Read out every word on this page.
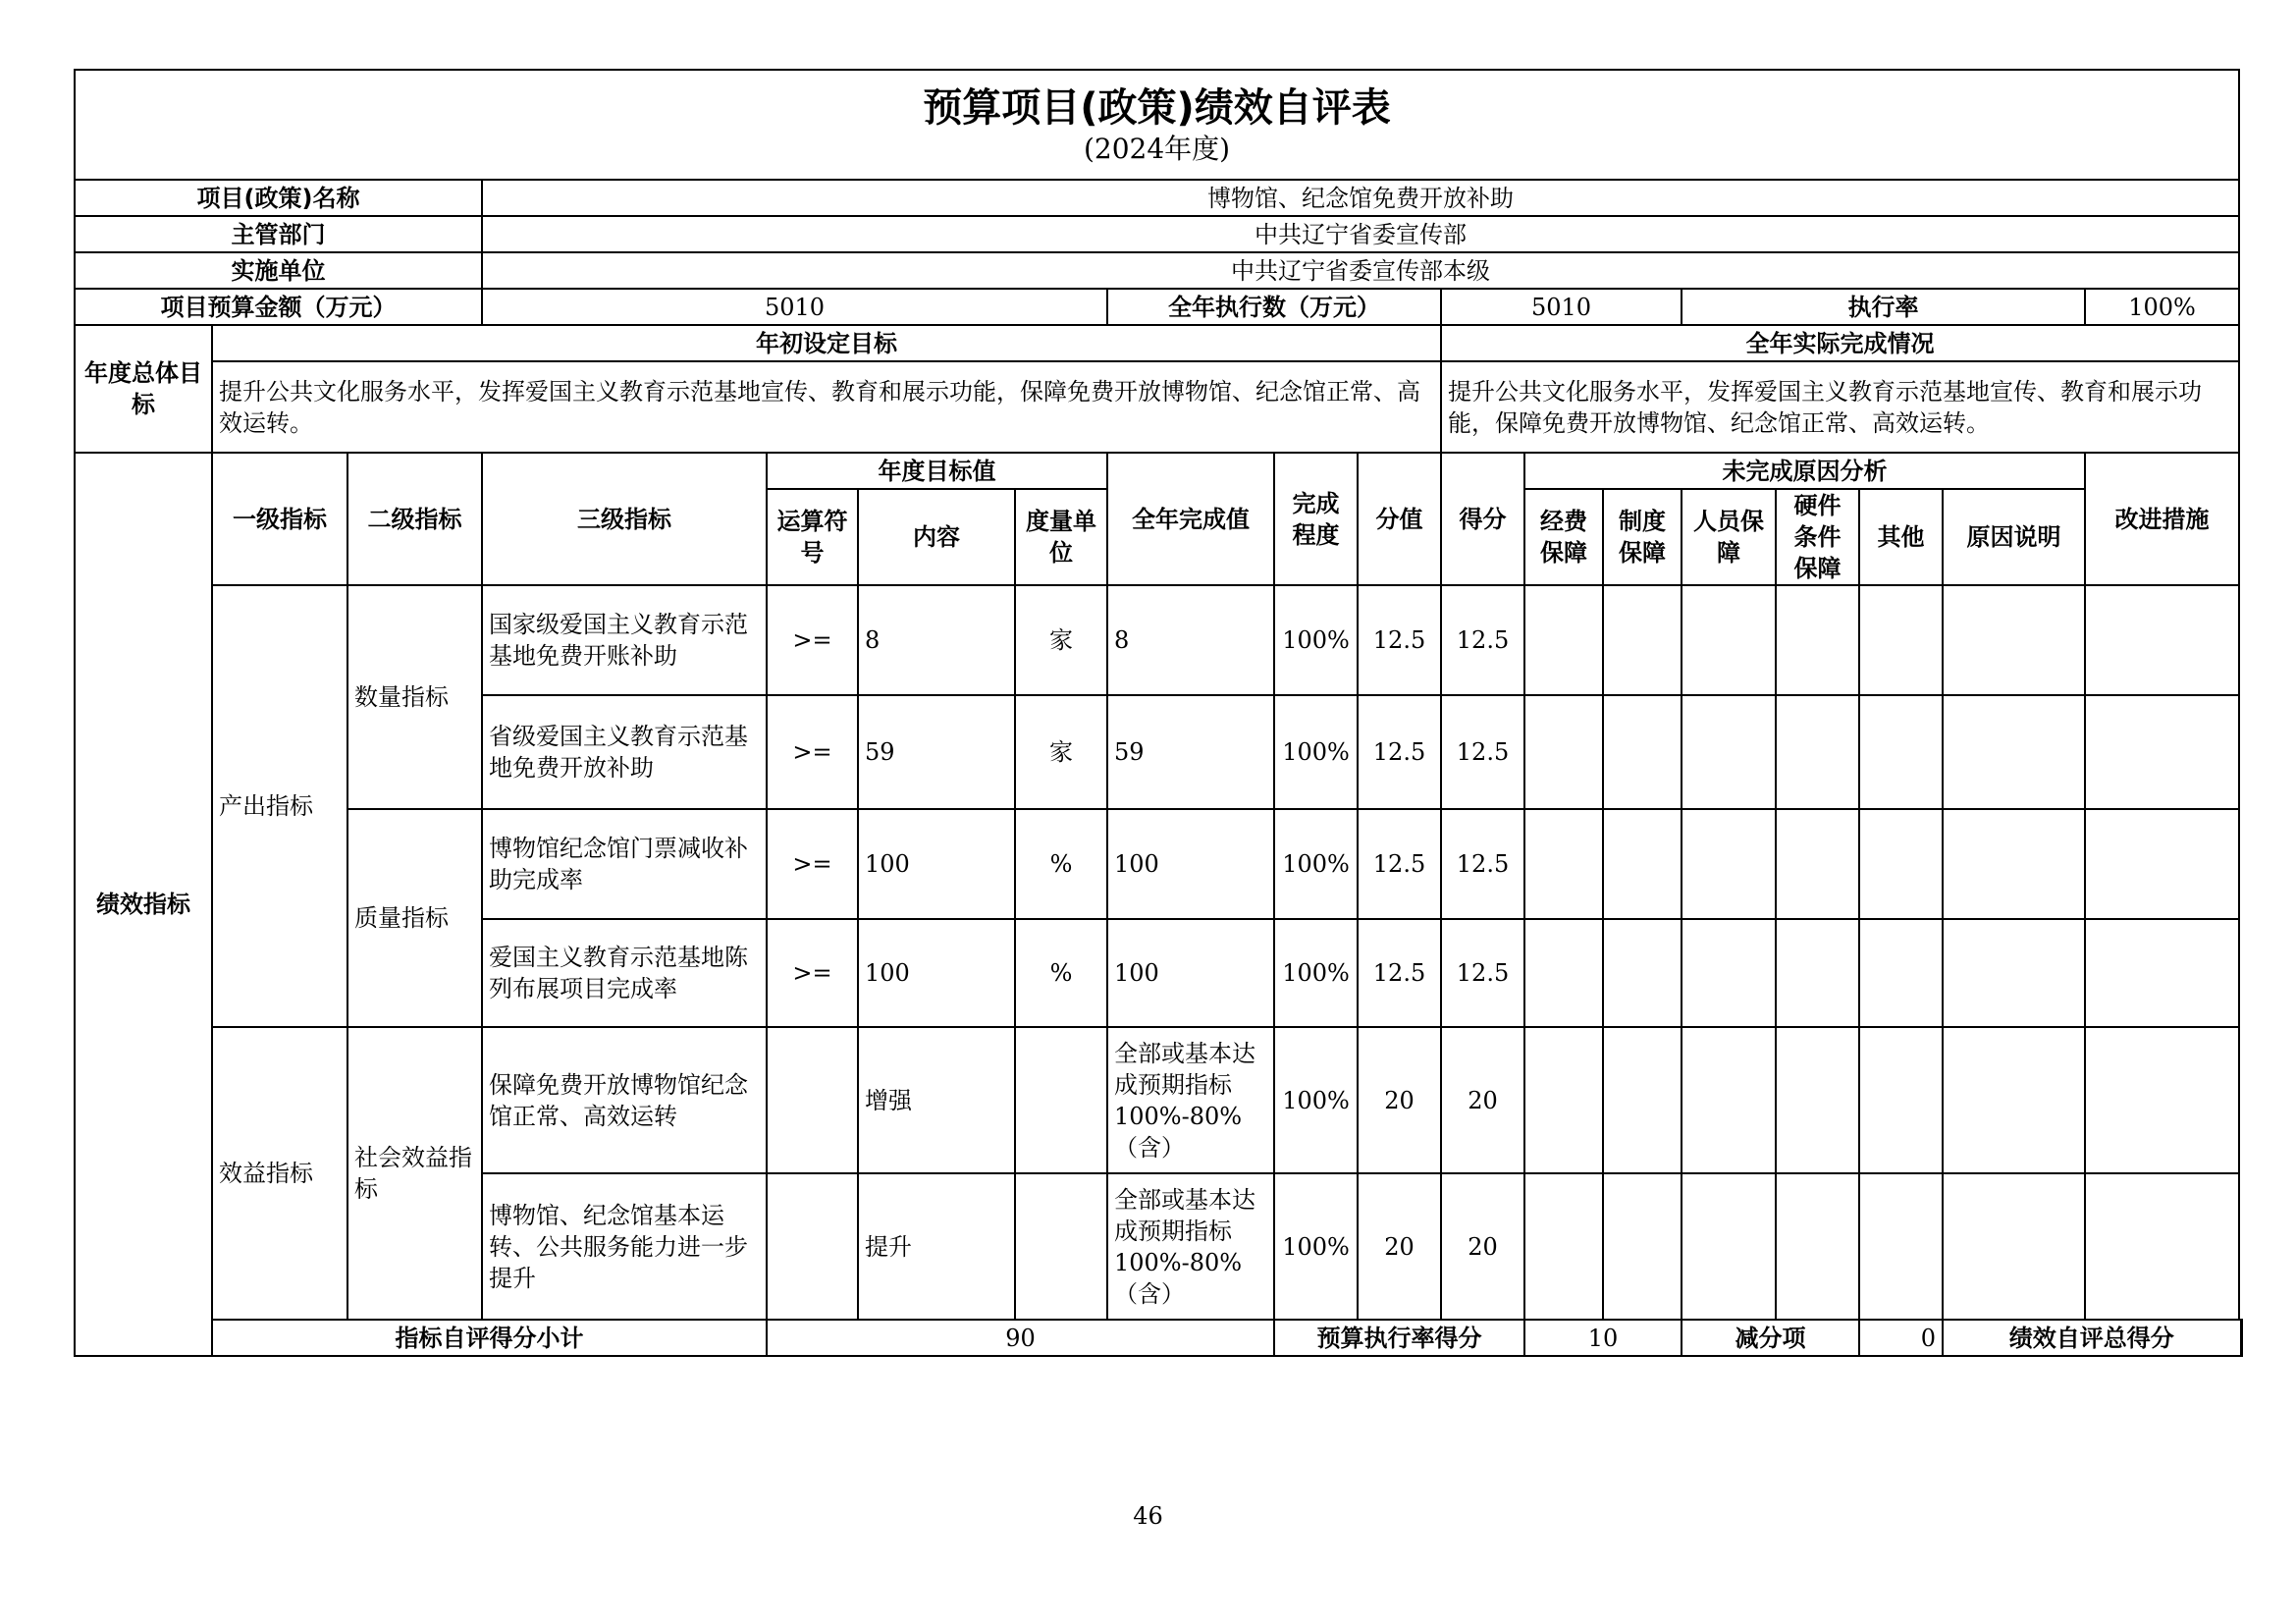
预算项目(政策)绩效自评表
(2024年度)																		

项目(政策)名称			博物馆、纪念馆免费开放补助															
主管部门			中共辽宁省委宣传部															
实施单位			中共辽宁省委宣传部本级															
项目预算金额（万元）			5010				全年执行数（万元）			5010			执行率				100%	
年度总体目标	年初设定目标									全年实际完成情况								
	提升公共文化服务水平，发挥爱国主义教育示范基地宣传、教育和展示功能，保障免费开放博物馆、纪念馆正常、高效运转。									提升公共文化服务水平，发挥爱国主义教育示范基地宣传、教育和展示功能，保障免费开放博物馆、纪念馆正常、高效运转。								
绩效指标	一级指标	二级指标	三级指标	年度目标值			全年完成值	完成程度	分值	得分	未完成原因分析						改进措施	
				运算符号	内容	度量单位					经费保障	制度保障	人员保障	硬件条件保障	其他	原因说明		
	产出指标	数量指标	国家级爱国主义教育示范基地免费开账补助	>=	8	家	8	100%	12.5	12.5								
			省级爱国主义教育示范基地免费开放补助	>=	59	家	59	100%	12.5	12.5								
		质量指标	博物馆纪念馆门票减收补助完成率	>=	100	%	100	100%	12.5	12.5								
			爱国主义教育示范基地陈列布展项目完成率	>=	100	%	100	100%	12.5	12.5								
	效益指标	社会效益指标	保障免费开放博物馆纪念馆正常、高效运转		增强		全部或基本达成预期指标100%-80%（含）	100%	20	20								
			博物馆、纪念馆基本运转、公共服务能力进一步提升		提升		全部或基本达成预期指标100%-80%（含）	100%	20	20								
	指标自评得分小计			90				预算执行率得分			10		减分项		0	绩效自评总得分	
46
